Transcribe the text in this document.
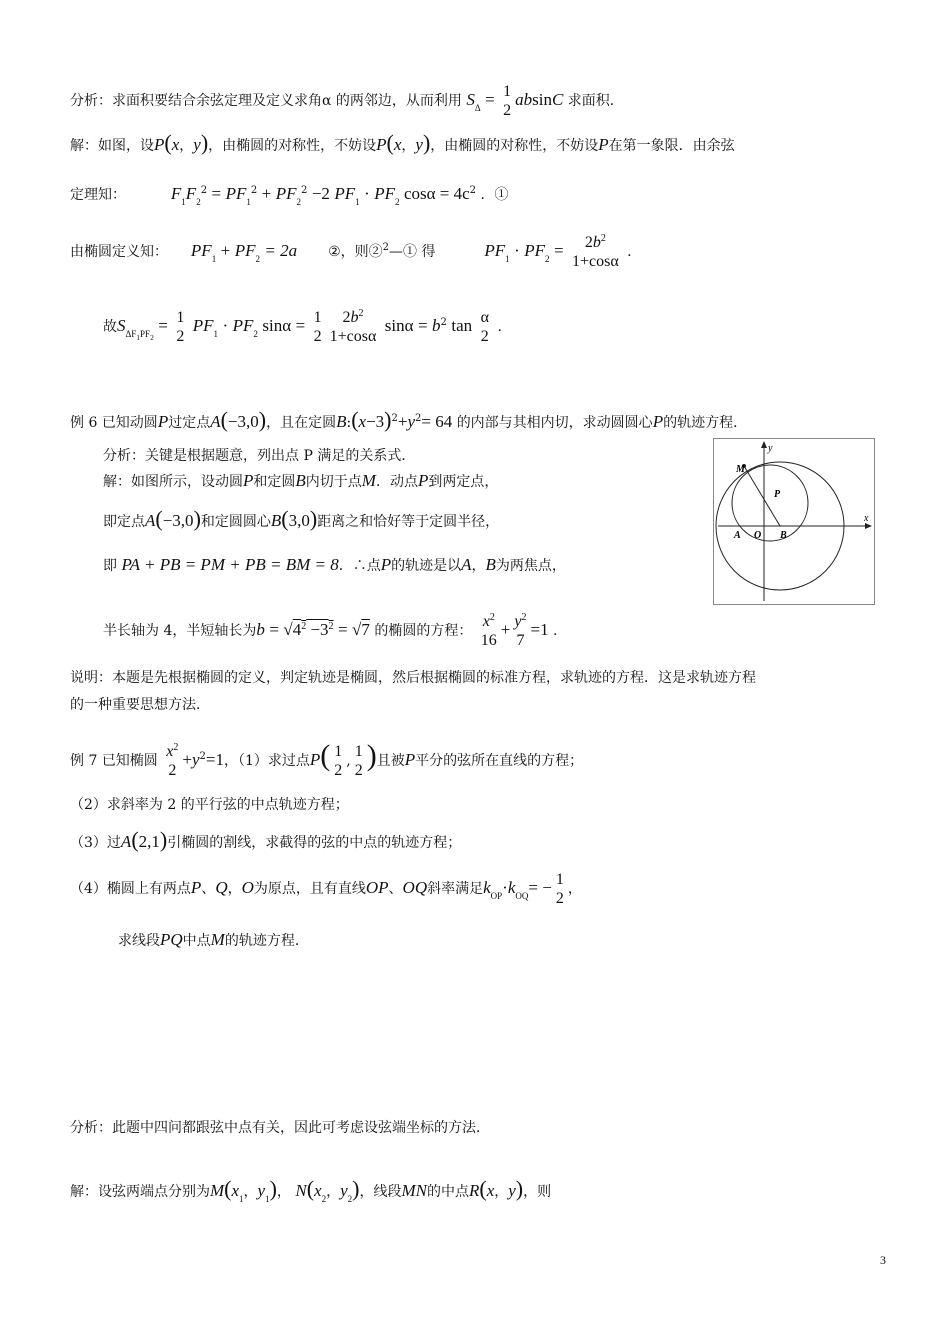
分析：求面积要结合余弦定理及定义求角α 的两邻边，从而利用 $S_\Delta = 1$
2
absinC 求面积．
解：如图，设P(x，y)，由椭圆的对称性，不妨设P(x，y)，由椭圆的对称性，不妨设P在第一象限．由余弦
定理知：	$F_1F_2^2 = PF_1^2 + PF_2^2 -2$ $PF_1 \cdot PF_2$ $\cos\alpha = 4c^2$ ．①
由椭圆定义知： $PF_1 + PF_2 = 2a$ ②，则②$^2$—① 得	$PF_1 \cdot PF_2$ =	$2b^2$
1+cosα
.
故$S_{\Delta F_1PF_2} = 1$
2
$PF_1 \cdot PF_2$ sinα = 1
2
$2b^2$
1+cosα
$\sin\alpha = b^2$ tan α
2
.
例 6 已知动圆P过定点A(−3,0)，且在定圆$B:(x-3)^2+y^2= 64$ 的内部与其相内切，求动圆圆心P的轨迹方程．
分析：关键是根据题意，列出点 P 满足的关系式．
解：如图所示，设动圆P和定圆B内切于点M．动点P到两定点，
即定点A(−3,0)和定圆圆心B(3,0)距离之和恰好等于定圆半径，
即 PA + PB = PM + PB = BM = 8．∴点P的轨迹是以A，B为两焦点，
半长轴为 4，半短轴长为$b = √4^2 -3^2 = √7$ 的椭圆的方程：
$x^2$
16
+ $y^2$
7
=1 .
y
M
P
x
A O B
说明：本题是先根据椭圆的定义，判定轨迹是椭圆，然后根据椭圆的标准方程，求轨迹的方程．这是求轨迹方程
的一种重要思想方法．
例 7 已知椭圆
$x^2$
2
$+y^2=1$，（1）求过点P( 1
2
,
1
2 )且被P平分的弦所在直线的方程；
（2）求斜率为 2 的平行弦的中点轨迹方程；
（3）过A(2,1)引椭圆的割线，求截得的弦的中点的轨迹方程；
（4）椭圆上有两点P、Q，O为原点，且有直线OP、OQ斜率满足$k_{OP}\cdot k_{OQ}= - 1$
2
，
求线段PQ中点M的轨迹方程．
分析：此题中四问都跟弦中点有关，因此可考虑设弦端坐标的方法．
解：设弦两端点分别为$M(x_1$，$y_1$)， $N(x_2$，$y_2$)，线段MN的中点R(x，y)，则
3
